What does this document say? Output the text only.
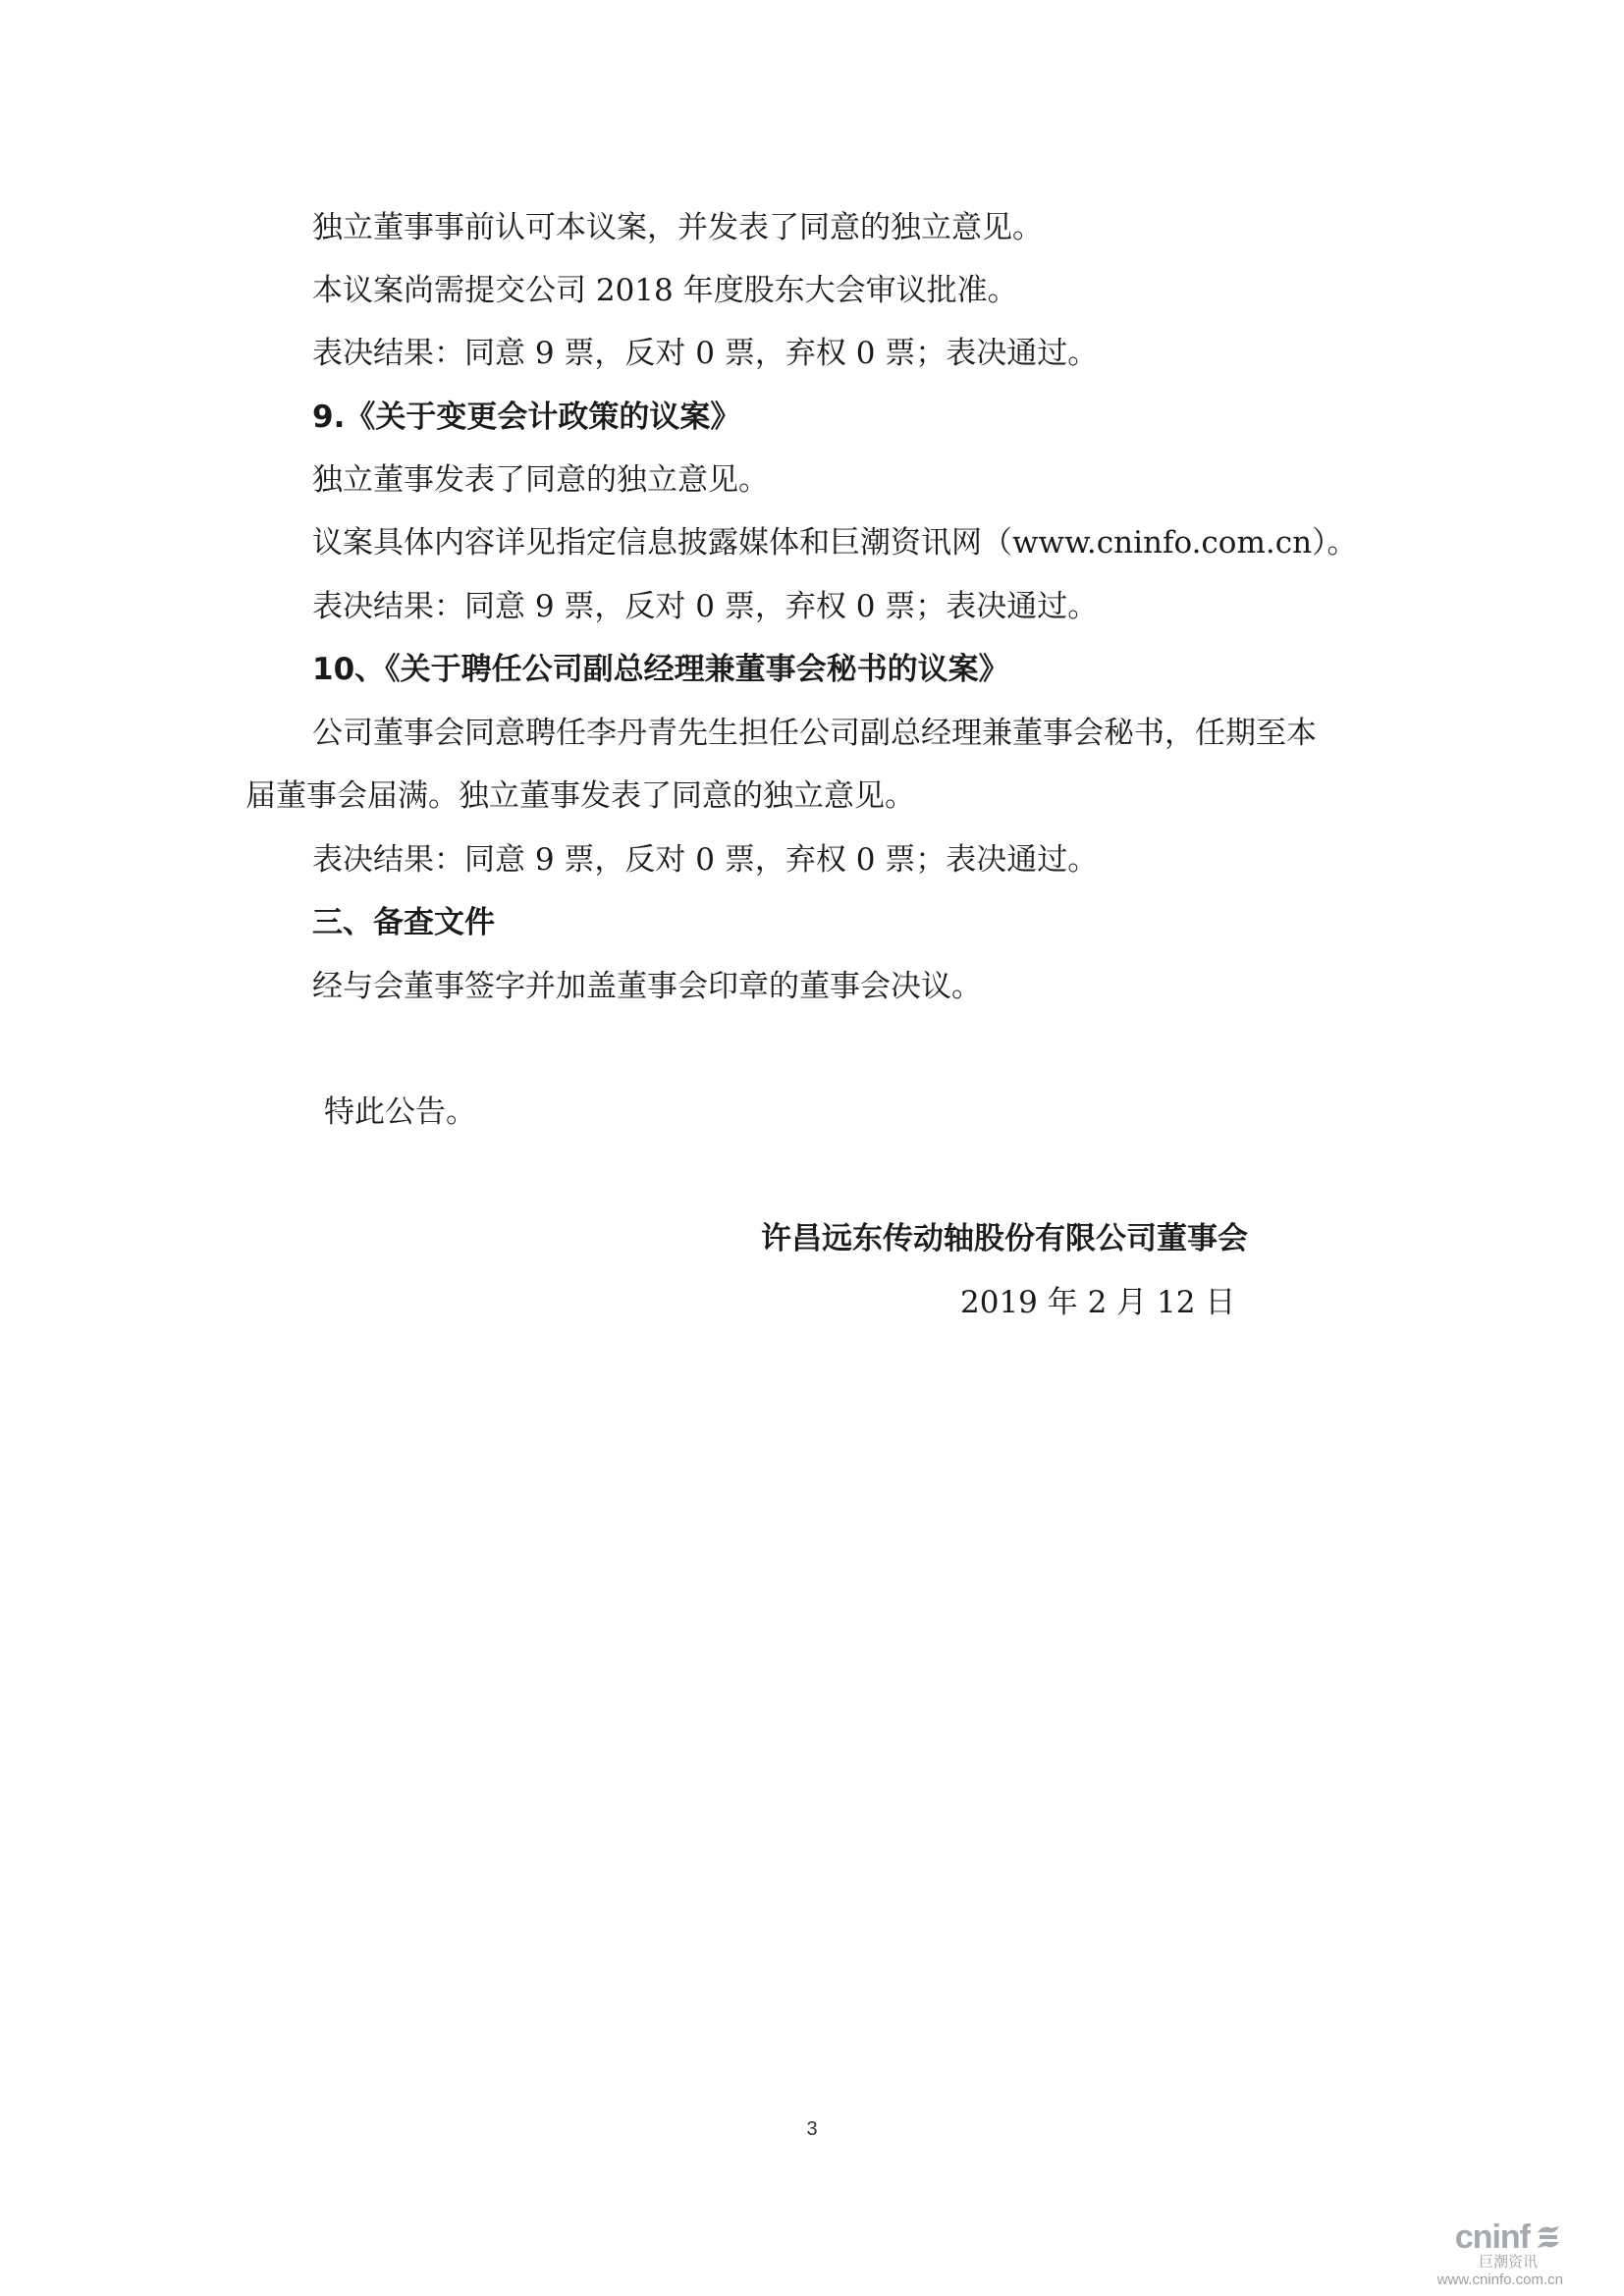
独立董事事前认可本议案，并发表了同意的独立意见。
本议案尚需提交公司 2018 年度股东大会审议批准。
表决结果：同意 9 票，反对 0 票，弃权 0 票；表决通过。
9.《关于变更会计政策的议案》
独立董事发表了同意的独立意见。
议案具体内容详见指定信息披露媒体和巨潮资讯网（www.cninfo.com.cn）。
表决结果：同意 9 票，反对 0 票，弃权 0 票；表决通过。
10、《关于聘任公司副总经理兼董事会秘书的议案》
公司董事会同意聘任李丹青先生担任公司副总经理兼董事会秘书，任期至本
届董事会届满。独立董事发表了同意的独立意见。
表决结果：同意 9 票，反对 0 票，弃权 0 票；表决通过。
三、备查文件
经与会董事签字并加盖董事会印章的董事会决议。
特此公告。
许昌远东传动轴股份有限公司董事会
2019 年 2 月 12 日
3
cninf
巨潮资讯
www.cninfo.com.cn
